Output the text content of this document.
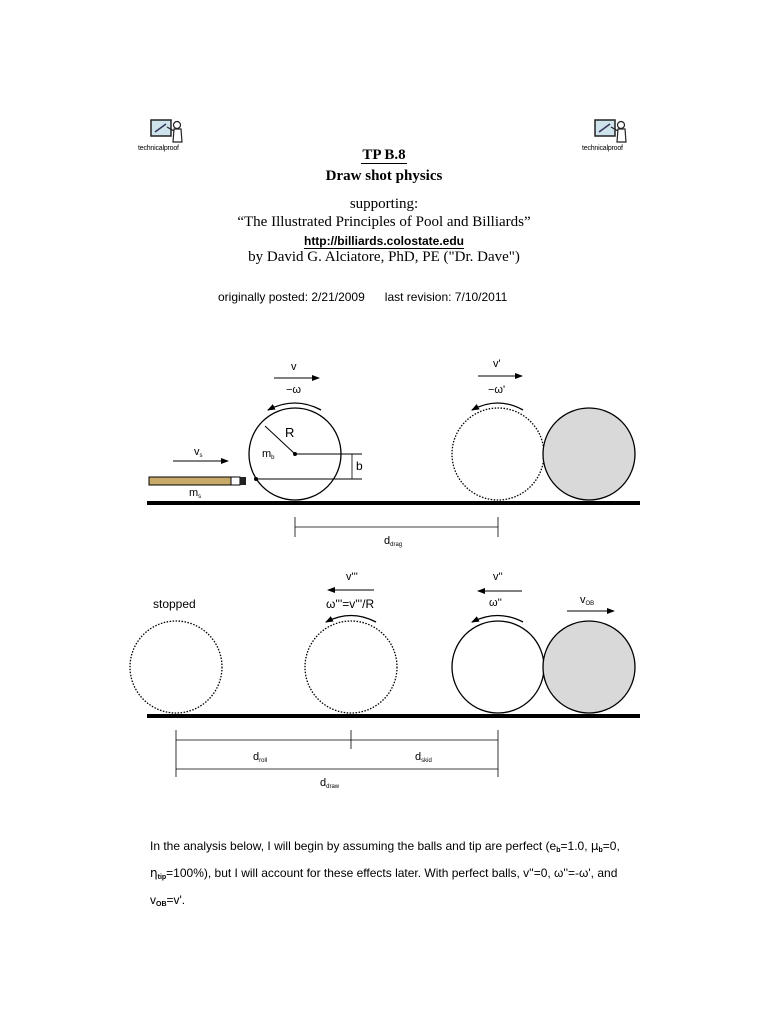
technicalproof	technicalproof
TP B.8
Draw shot physics
supporting:
“The Illustrated Principles of Pool and Billiards”
http://billiards.colostate.edu
by David G. Alciatore, PhD, PE ("Dr. Dave")
originally posted: 2/21/2009 last revision: 7/10/2011
ms
vs
R
mb
b
v
−ω
v'
−ω'
ddrag
stopped
v'''
ω'''=v'''/R
v''
ω''	vOB
droll	dskid
ddraw
In the analysis below, I will begin by assuming the balls and tip are perfect ($e_b=1.0$, $\mu_b=0$,
$\eta_{tip}=100\%$), but I will account for these effects later. With perfect balls, v''=0, ω''=-ω', and
$v_{OB}=v'$.
